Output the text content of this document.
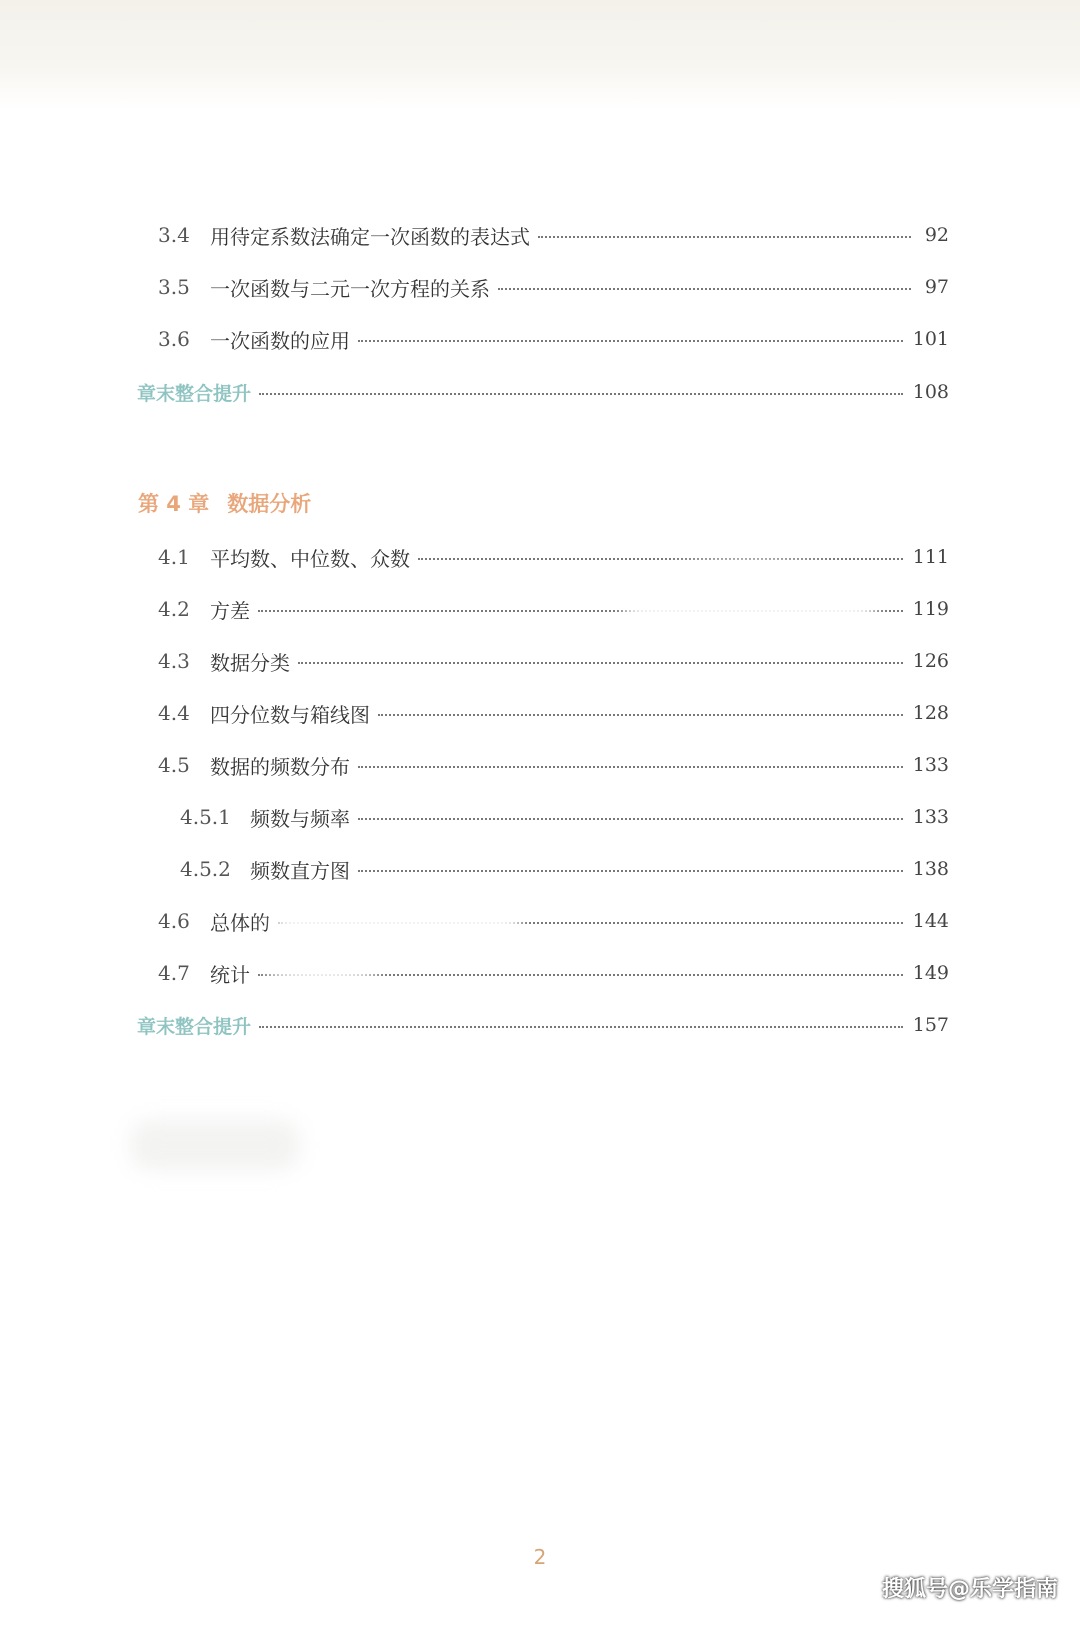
3.4	用待定系数法确定一次函数的表达式	92
3.5	一次函数与二元一次方程的关系	97
3.6	一次函数的应用	101
章末整合提升	108
第 4 章 数据分析
4.1	平均数、中位数、众数	111
4.2	方差	119
4.3	数据分类	126
4.4	四分位数与箱线图	128
4.5	数据的频数分布	133
4.5.1 频数与频率	133
4.5.2 频数直方图	138
4.6	总体的	144
4.7	统计	149
章末整合提升	157
2
搜狐号@乐学指南
